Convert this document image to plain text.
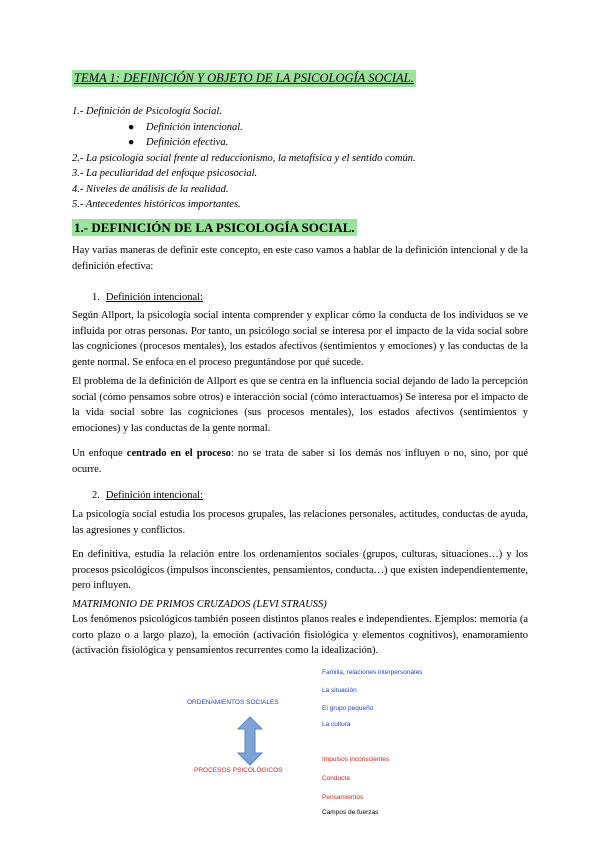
TEMA 1: DEFINICIÓN Y OBJETO DE LA PSICOLOGÍA SOCIAL.

1.- Definición de Psicología Social.

● Definición intencional.

● Definición efectiva.

2.- La psicología social frente al reduccionismo, la metafísica y el sentido común.

3.- La peculiaridad del enfoque psicosocial.

4.- Niveles de análisis de la realidad.

5.- Antecedentes históricos importantes.

1.- DEFINICIÓN DE LA PSICOLOGÍA SOCIAL.

Hay varias maneras de definir este concepto, en este caso vamos a hablar de la definición intencional y de la definición efectiva:

1. Definición intencional:

Según Allport, la psicología social intenta comprender y explicar cómo la conducta de los individuos se ve influida por otras personas. Por tanto, un psicólogo social se interesa por el impacto de la vida social sobre las cogniciones (procesos mentales), los estados afectivos (sentimientos y emociones) y las conductas de la gente normal. Se enfoca en el proceso preguntándose por qué sucede.

El problema de la definición de Allport es que se centra en la influencia social dejando de lado la percepción social (cómo pensamos sobre otros) e interacción social (cómo interactuamos) Se interesa por el impacto de la vida social sobre las cogniciones (sus procesos mentales), los estados afectivos (sentimientos y emociones) y las conductas de la gente normal.

Un enfoque centrado en el proceso: no se trata de saber si los demás nos influyen o no, sino, por qué ocurre.

2. Definición intencional:

La psicología social estudia los procesos grupales, las relaciones personales, actitudes, conductas de ayuda, las agresiones y conflictos.

En definitiva, estudia la relación entre los ordenamientos sociales (grupos, culturas, situaciones…) y los procesos psicológicos (impulsos inconscientes, pensamientos, conducta…) que existen independientemente, pero influyen.

MATRIMONIO DE PRIMOS CRUZADOS (LEVI STRAUSS)

Los fenómenos psicológicos también poseen distintos planos reales e independientes. Ejemplos: memoria (a corto plazo o a largo plazo), la emoción (activación fisiológica y elementos cognitivos), enamoramiento (activación fisiológica y pensamientos recurrentes como la idealización).

ORDENAMIENTOS SOCIALES
PROCESOS PSICOLÓGICOS
Familia, relaciones interpersonales
La situación
El grupo pequeño
La cultura
Impulsos inconscientes
Conducta
Pensamientos
Campos de fuerzas
